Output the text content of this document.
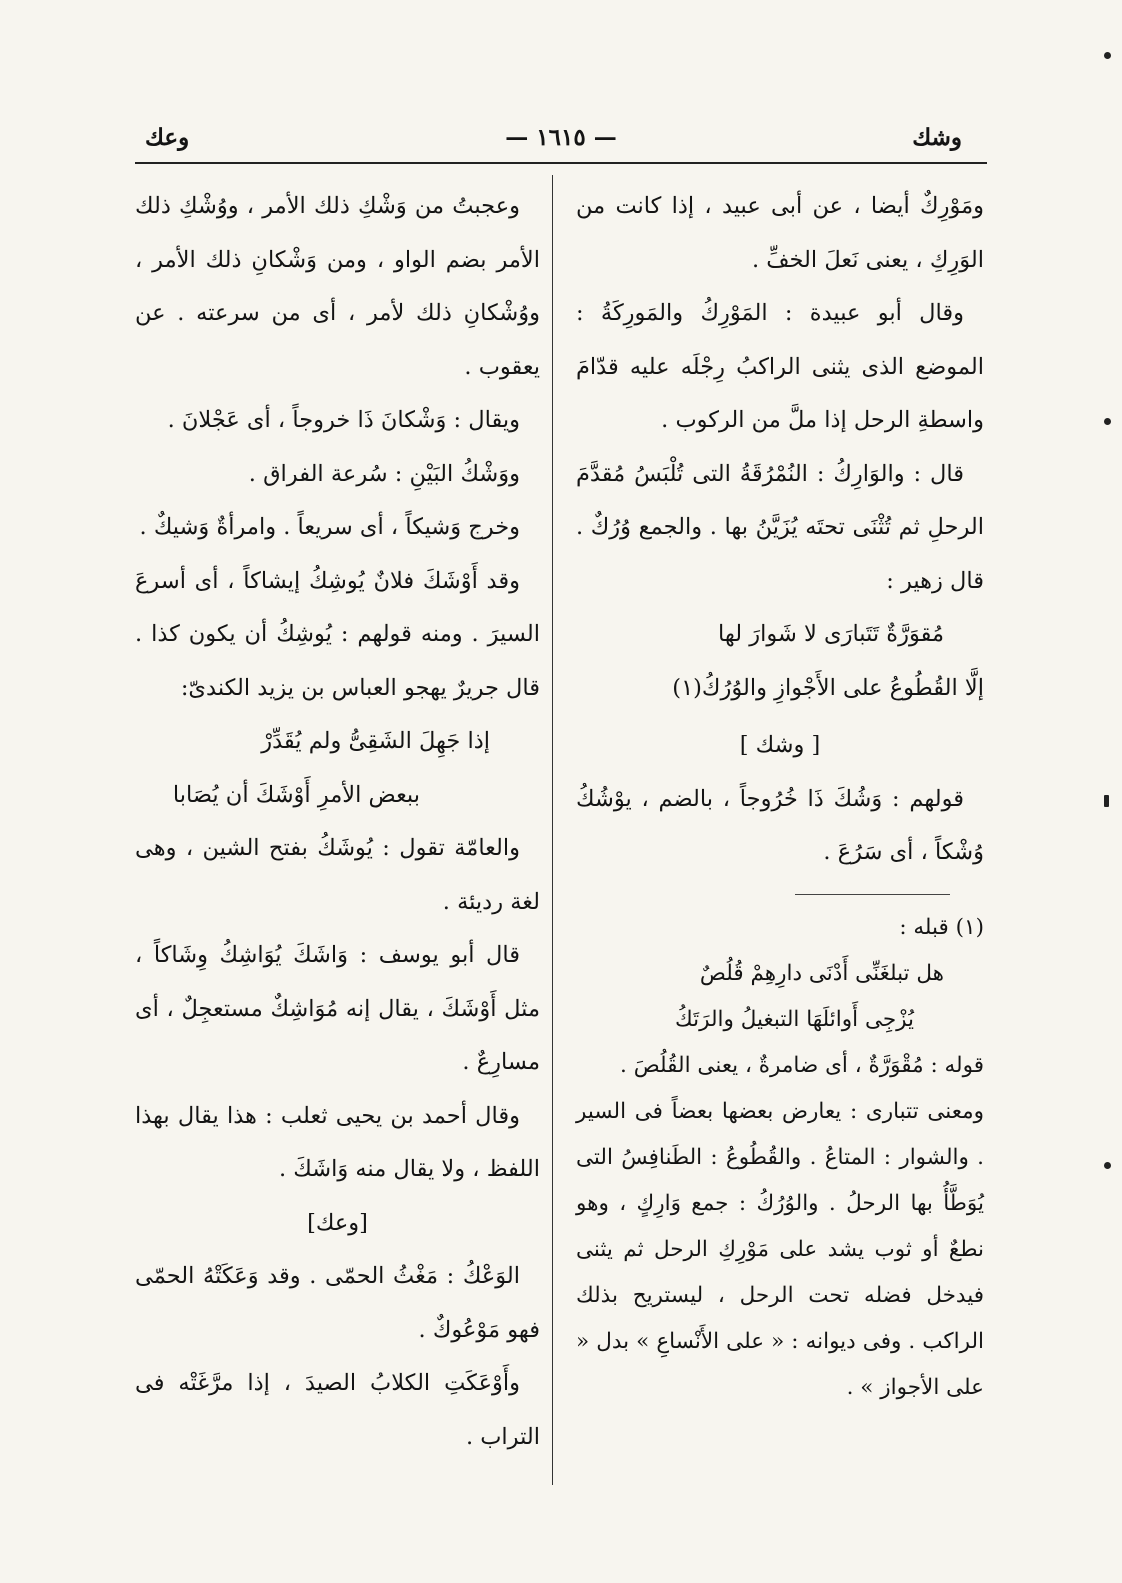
وشك
— ١٦١٥ —
وعك

ومَوْرِكٌ أيضا ، عن أبى عبيد ، إذا كانت من الوَرِكِ ، يعنى نَعلَ الخفِّ .

وقال أبو عبيدة : المَوْرِكُ والمَورِكَةُ : الموضع الذى يثنى الراكبُ رِجْلَه عليه قدّامَ واسطةِ الرحل إذا ملَّ من الركوب .

قال : والوَارِكُ : النُمْرُقَةُ التى تُلْبَسُ مُقدَّمَ الرحلِ ثم تُثْنَى تحتَه يُزَيَّنُ بها . والجمع وُرُكٌ . قال زهير :

مُقوَرَّةٌ تَتَبارَى لا شَوارَ لها

إلَّا القُطُوعُ على الأَجْوازِ والوُرُكُ(١)

[ وشك ]

قولهم : وَشُكَ ذَا خُرُوجاً ، بالضم ، يوْشُكُ وُشْكاً ، أى سَرُعَ .

(١) قبله :

هل تبلغَنِّى أَدْنَى دارِهِمْ قُلُصٌ

يُزْجِى أَوائلَهَا التبغيلُ والرَتَكُ

قوله : مُقْوَرَّةٌ ، أى ضامرةٌ ، يعنى القُلُصَ .

ومعنى تتبارى : يعارض بعضها بعضاً فى السير . والشوار : المتاعُ . والقُطُوعُ : الطَنافِسُ التى يُوَطَّأُ بها الرحلُ . والوُرُكُ : جمع وَارِكٍ ، وهو نطعٌ أو ثوب يشد على مَوْرِكِ الرحل ثم يثنى فيدخل فضله تحت الرحل ، ليستريح بذلك الراكب . وفى ديوانه : « على الأَنْساعِ » بدل « على الأجواز » .

وعجبتُ من وَشْكِ ذلك الأمر ، ووُشْكِ ذلك الأمر بضم الواو ، ومن وَشْكانِ ذلك الأمر ، ووُشْكانِ ذلك لأمر ، أى من سرعته . عن يعقوب .

ويقال : وَشْكانَ ذَا خروجاً ، أى عَجْلانَ .

ووَشْكُ البَيْنِ : سُرعة الفراق .

وخرج وَشيكاً ، أى سريعاً . وامرأةٌ وَشيكٌ .

وقد أَوْشَكَ فلانٌ يُوشِكُ إيشاكاً ، أى أسرعَ السيرَ . ومنه قولهم : يُوشِكُ أن يكون كذا . قال جريرٌ يهجو العباس بن يزيد الكندىّ:

إذا جَهِلَ الشَقِىُّ ولم يُقَدِّرْ

ببعض الأمرِ أَوْشَكَ أن يُصَابا

والعامّة تقول : يُوشَكُ بفتح الشين ، وهى لغة رديئة .

قال أبو يوسف : وَاشَكَ يُوَاشِكُ وِشَاكاً ، مثل أَوْشَكَ ، يقال إنه مُوَاشِكٌ مستعجِلٌ ، أى مسارِعٌ .

وقال أحمد بن يحيى ثعلب : هذا يقال بهذا اللفظ ، ولا يقال منه وَاشَكَ .

[وعك]

الوَعْكُ : مَغْثُ الحمّى . وقد وَعَكَتْهُ الحمّى فهو مَوْعُوكٌ .

وأَوْعَكَتِ الكلابُ الصيدَ ، إذا مرَّغَتْه فى التراب .
